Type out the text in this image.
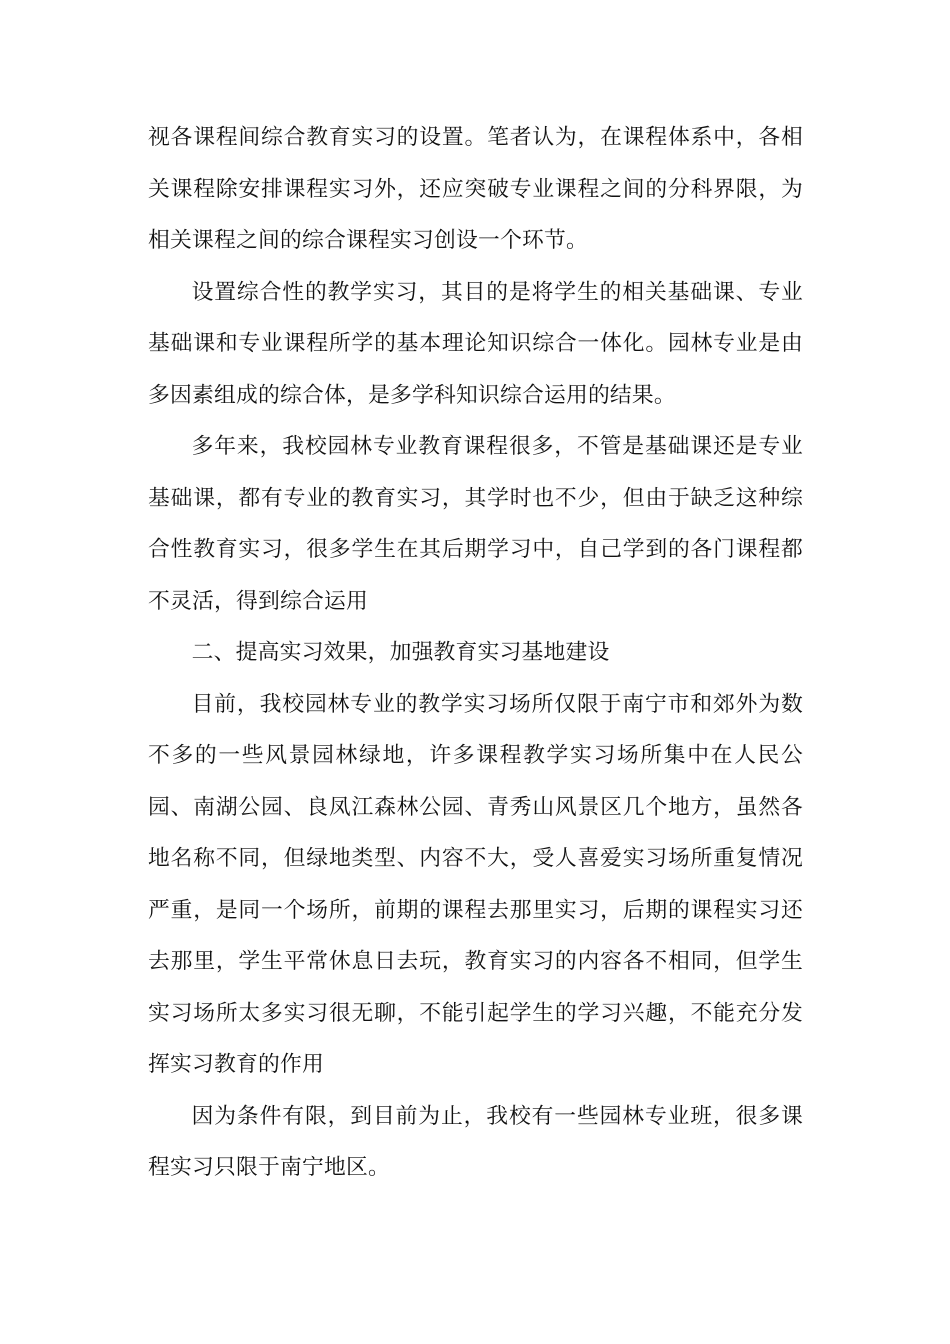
视各课程间综合教育实习的设置。笔者认为，在课程体系中，各相关课程除安排课程实习外，还应突破专业课程之间的分科界限，为相关课程之间的综合课程实习创设一个环节。

设置综合性的教学实习，其目的是将学生的相关基础课、专业基础课和专业课程所学的基本理论知识综合一体化。园林专业是由多因素组成的综合体，是多学科知识综合运用的结果。

多年来，我校园林专业教育课程很多，不管是基础课还是专业基础课，都有专业的教育实习，其学时也不少，但由于缺乏这种综合性教育实习，很多学生在其后期学习中，自己学到的各门课程都不灵活，得到综合运用

二、提高实习效果，加强教育实习基地建设

目前，我校园林专业的教学实习场所仅限于南宁市和郊外为数不多的一些风景园林绿地，许多课程教学实习场所集中在人民公园、南湖公园、良凤江森林公园、青秀山风景区几个地方，虽然各地名称不同，但绿地类型、内容不大，受人喜爱实习场所重复情况严重，是同一个场所，前期的课程去那里实习，后期的课程实习还去那里，学生平常休息日去玩，教育实习的内容各不相同，但学生实习场所太多实习很无聊，不能引起学生的学习兴趣，不能充分发挥实习教育的作用

因为条件有限，到目前为止，我校有一些园林专业班，很多课程实习只限于南宁地区。
